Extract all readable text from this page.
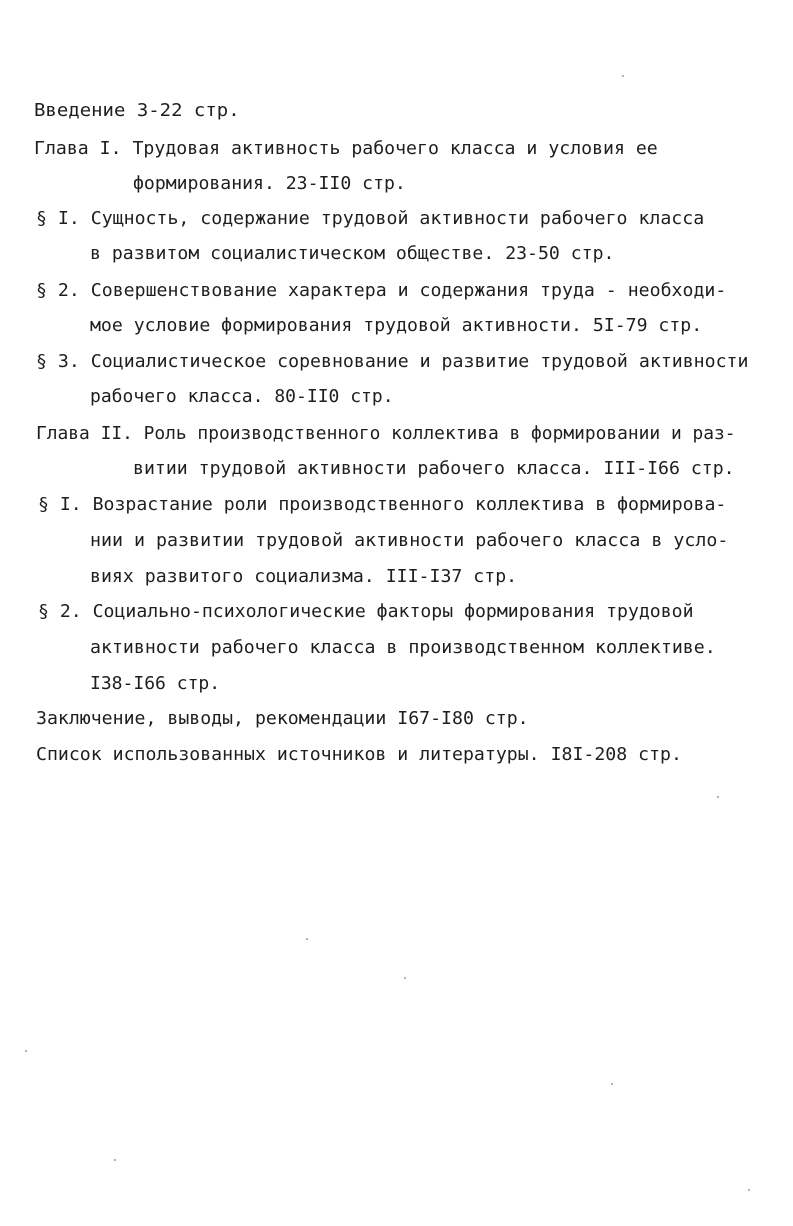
Введение 3-22 стр.
Глава I. Трудовая активность рабочего класса и условия ее
формирования. 23-II0 стр.
§ I. Сущность, содержание трудовой активности рабочего класса
в развитом социалистическом обществе. 23-50 стр.
§ 2. Совершенствование характера и содержания труда - необходи-
мое условие формирования трудовой активности. 5I-79 стр.
§ 3. Социалистическое соревнование и развитие трудовой активности
рабочего класса. 80-II0 стр.
Глава II. Роль производственного коллектива в формировании и раз-
витии трудовой активности рабочего класса. III-I66 стр.
§ I. Возрастание роли производственного коллектива в формирова-
нии и развитии трудовой активности рабочего класса в усло-
виях развитого социализма. III-I37 стр.
§ 2. Социально-психологические факторы формирования трудовой
активности рабочего класса в производственном коллективе.
I38-I66 стр.
Заключение, выводы, рекомендации I67-I80 стр.
Список использованных источников и литературы. I8I-208 стр.
